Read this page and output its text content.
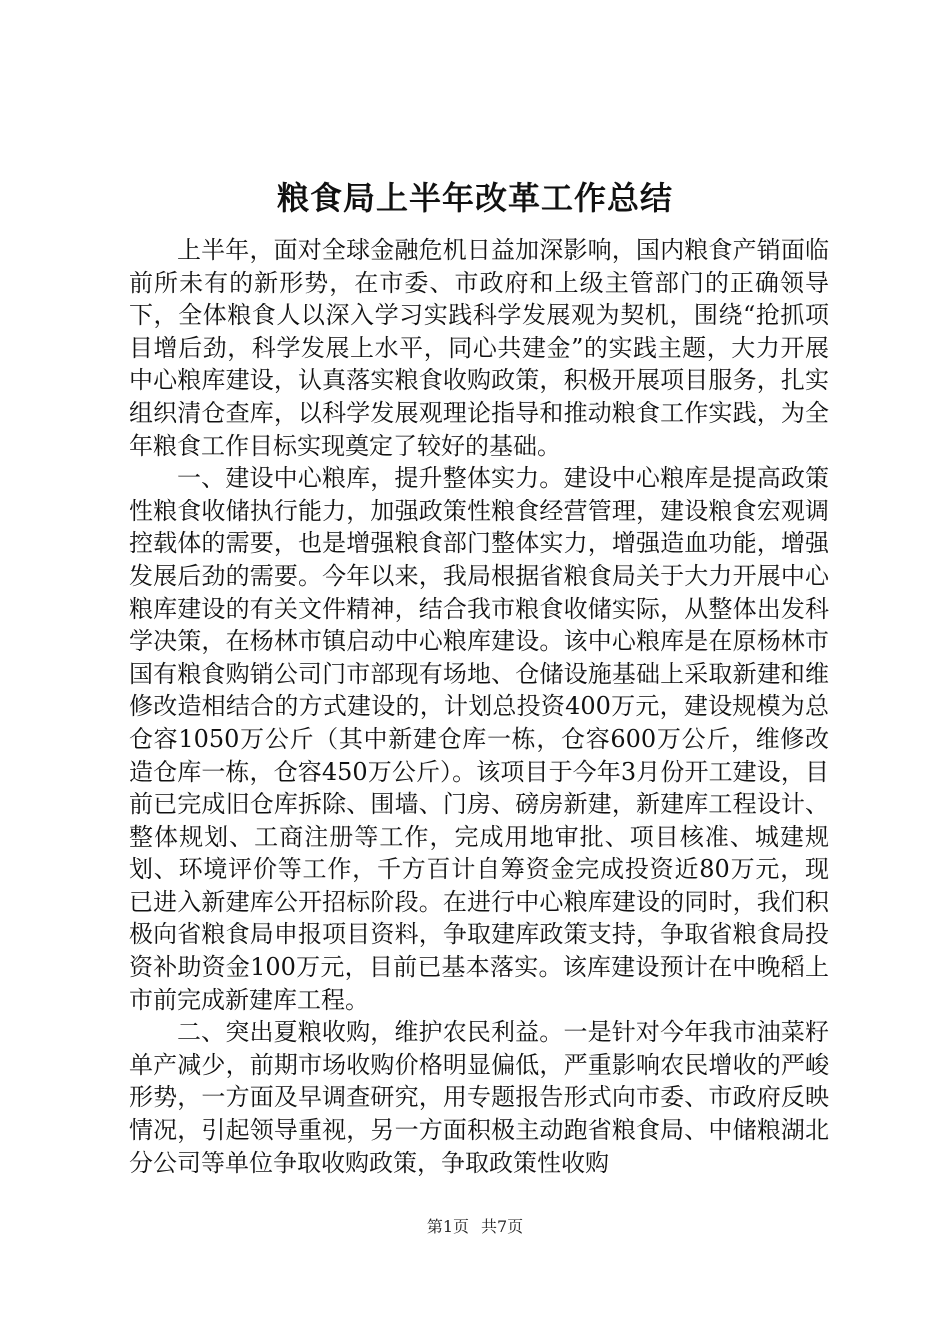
粮食局上半年改革工作总结

上半年，面对全球金融危机日益加深影响，国内粮食产销面临前所未有的新形势，在市委、市政府和上级主管部门的正确领导下，全体粮食人以深入学习实践科学发展观为契机，围绕“抢抓项目增后劲，科学发展上水平，同心共建金”的实践主题，大力开展中心粮库建设，认真落实粮食收购政策，积极开展项目服务，扎实组织清仓查库，以科学发展观理论指导和推动粮食工作实践，为全年粮食工作目标实现奠定了较好的基础。

一、建设中心粮库，提升整体实力。建设中心粮库是提高政策性粮食收储执行能力，加强政策性粮食经营管理，建设粮食宏观调控载体的需要，也是增强粮食部门整体实力，增强造血功能，增强发展后劲的需要。今年以来，我局根据省粮食局关于大力开展中心粮库建设的有关文件精神，结合我市粮食收储实际，从整体出发科学决策，在杨林市镇启动中心粮库建设。该中心粮库是在原杨林市国有粮食购销公司门市部现有场地、仓储设施基础上采取新建和维修改造相结合的方式建设的，计划总投资400万元，建设规模为总仓容1050万公斤（其中新建仓库一栋，仓容600万公斤，维修改造仓库一栋，仓容450万公斤）。该项目于今年3月份开工建设，目前已完成旧仓库拆除、围墙、门房、磅房新建，新建库工程设计、整体规划、工商注册等工作，完成用地审批、项目核准、城建规划、环境评价等工作，千方百计自筹资金完成投资近80万元，现已进入新建库公开招标阶段。在进行中心粮库建设的同时，我们积极向省粮食局申报项目资料，争取建库政策支持，争取省粮食局投资补助资金100万元，目前已基本落实。该库建设预计在中晚稻上市前完成新建库工程。

二、突出夏粮收购，维护农民利益。一是针对今年我市油菜籽单产减少，前期市场收购价格明显偏低，严重影响农民增收的严峻形势，一方面及早调查研究，用专题报告形式向市委、市政府反映情况，引起领导重视，另一方面积极主动跑省粮食局、中储粮湖北分公司等单位争取收购政策，争取政策性收购

第1页 共7页
